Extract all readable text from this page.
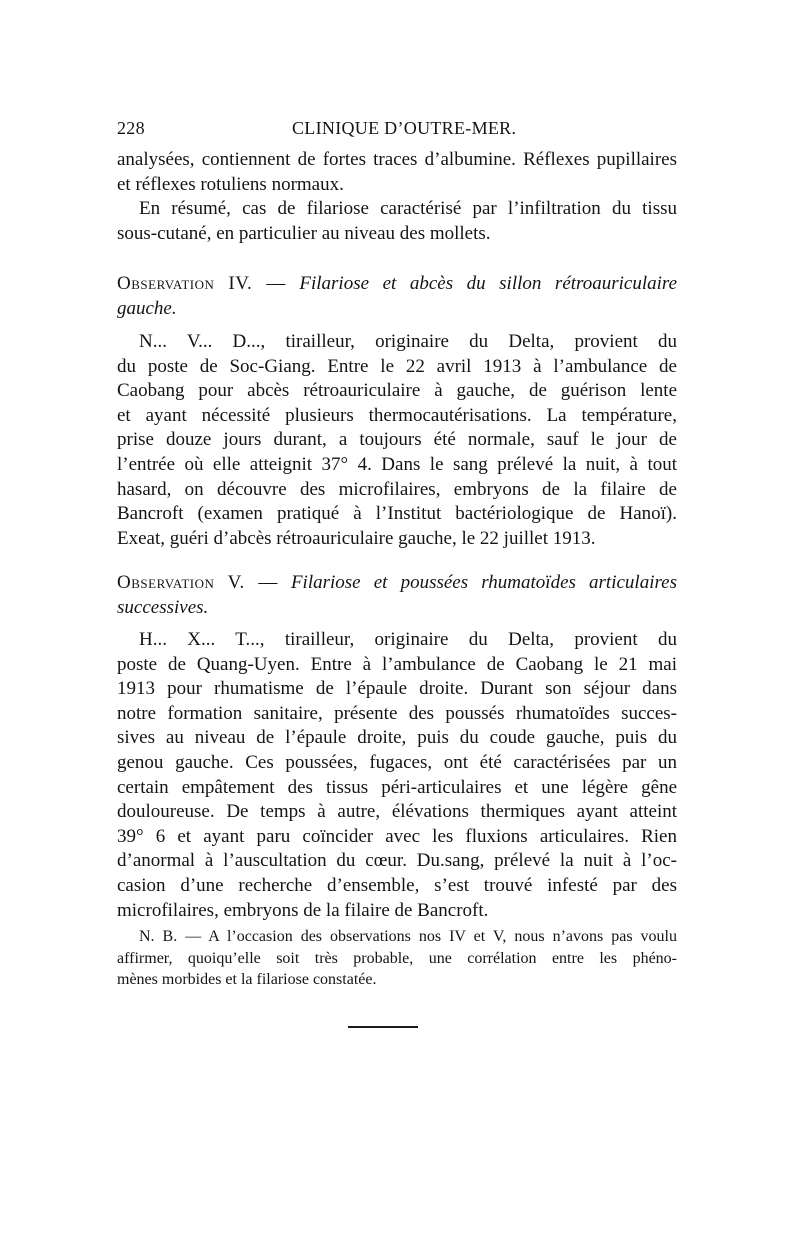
228	CLINIQUE D’OUTRE-MER.
analysées, contiennent de fortes traces d’albumine. Réflexes pupillaires
et réflexes rotuliens normaux.
En résumé, cas de filariose caractérisé par l’infiltration du tissu
sous-cutané, en particulier au niveau des mollets.
Observation IV. — Filariose et abcès du sillon rétroauriculaire
gauche.
N... V... D..., tirailleur, originaire du Delta, provient du
du poste de Soc-Giang. Entre le 22 avril 1913 à l’ambulance de
Caobang pour abcès rétroauriculaire à gauche, de guérison lente
et ayant nécessité plusieurs thermocautérisations. La température,
prise douze jours durant, a toujours été normale, sauf le jour de
l’entrée où elle atteignit 37° 4. Dans le sang prélevé la nuit, à tout
hasard, on découvre des microfilaires, embryons de la filaire de
Bancroft (examen pratiqué à l’Institut bactériologique de Hanoï).
Exeat, guéri d’abcès rétroauriculaire gauche, le 22 juillet 1913.
Observation V. — Filariose et poussées rhumatoïdes articulaires
successives.
H... X... T..., tirailleur, originaire du Delta, provient du
poste de Quang-Uyen. Entre à l’ambulance de Caobang le 21 mai
1913 pour rhumatisme de l’épaule droite. Durant son séjour dans
notre formation sanitaire, présente des poussés rhumatoïdes succes-
sives au niveau de l’épaule droite, puis du coude gauche, puis du
genou gauche. Ces poussées, fugaces, ont été caractérisées par un
certain empâtement des tissus péri-articulaires et une légère gêne
douloureuse. De temps à autre, élévations thermiques ayant atteint
39° 6 et ayant paru coïncider avec les fluxions articulaires. Rien
d’anormal à l’auscultation du cœur. Du.sang, prélevé la nuit à l’oc-
casion d’une recherche d’ensemble, s’est trouvé infesté par des
microfilaires, embryons de la filaire de Bancroft.
N. B. — A l’occasion des observations nos IV et V, nous n’avons pas voulu
affirmer, quoiqu’elle soit très probable, une corrélation entre les phéno-
mènes morbides et la filariose constatée.
